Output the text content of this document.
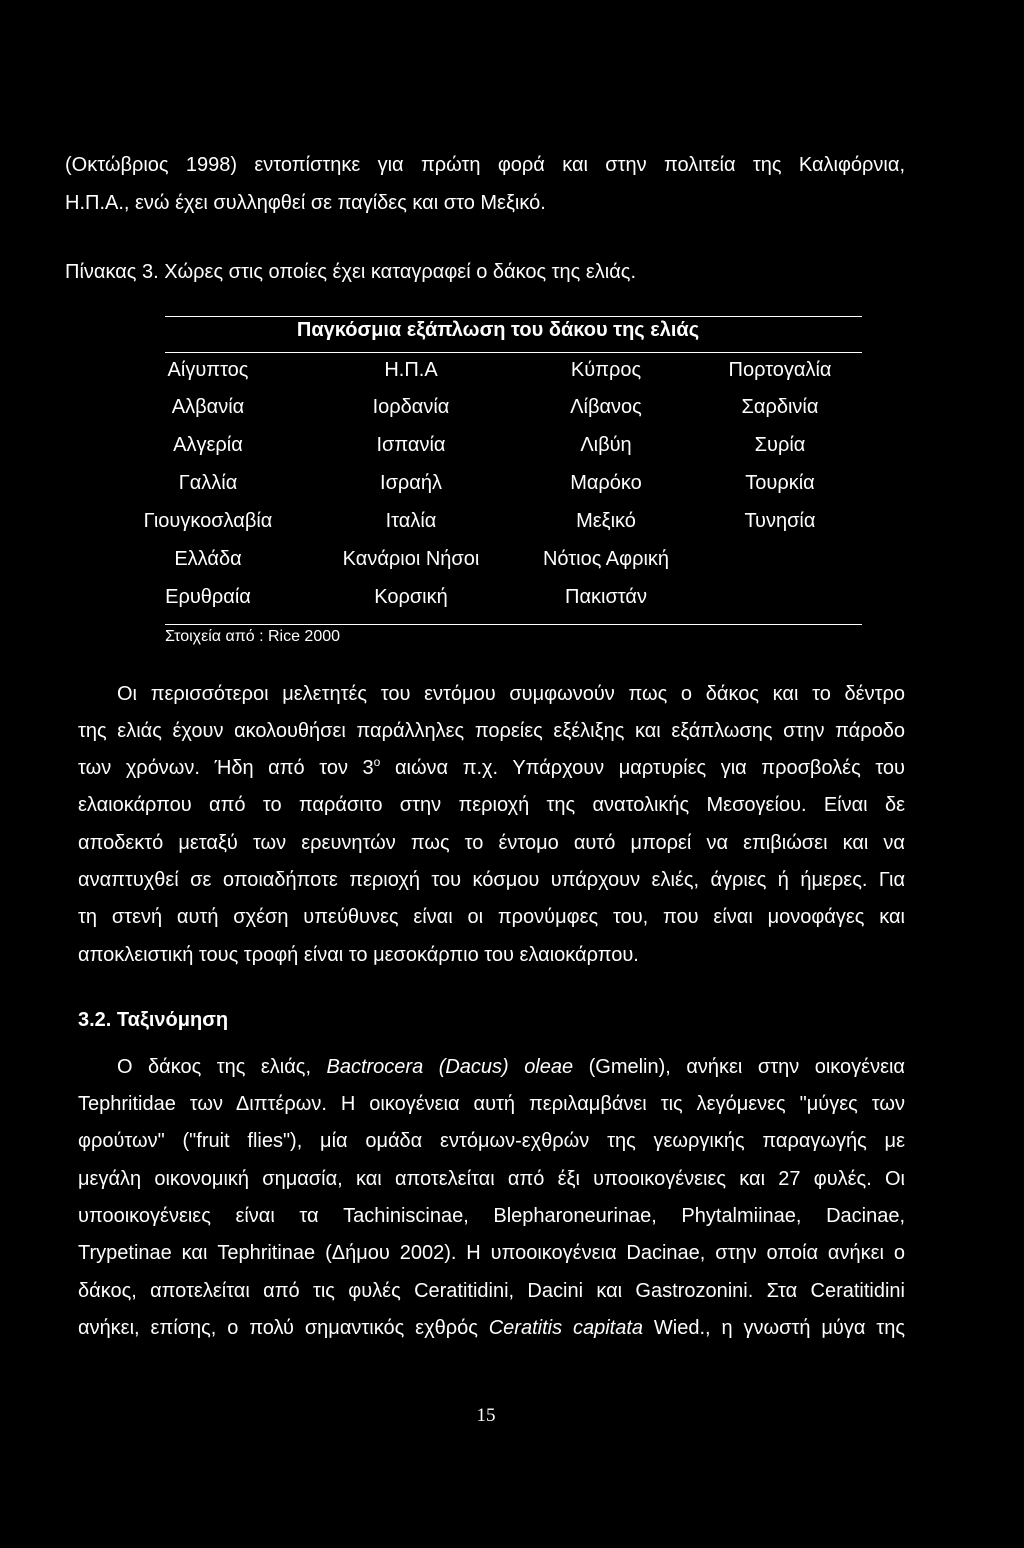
(Οκτώβριος 1998) εντοπίστηκε για πρώτη φορά και στην πολιτεία της Καλιφόρνια,
Η.Π.Α., ενώ έχει συλληφθεί σε παγίδες και στο Μεξικό.
Πίνακας 3. Χώρες στις οποίες έχει καταγραφεί ο δάκος της ελιάς.
Παγκόσμια εξάπλωση του δάκου της ελιάς
Αίγυπτος	Η.Π.Α	Κύπρος	Πορτογαλία
Αλβανία	Ιορδανία	Λίβανος	Σαρδινία
Αλγερία	Ισπανία	Λιβύη	Συρία
Γαλλία	Ισραήλ	Μαρόκο	Τουρκία
Γιουγκοσλαβία	Ιταλία	Μεξικό	Τυνησία
Ελλάδα	Κανάριοι Νήσοι	Νότιος Αφρική
Ερυθραία	Κορσική	Πακιστάν
Στοιχεία από : Rice 2000
Οι περισσότεροι μελετητές του εντόμου συμφωνούν πως ο δάκος και το δέντρο
της ελιάς έχουν ακολουθήσει παράλληλες πορείες εξέλιξης και εξάπλωσης στην πάροδο
των χρόνων. Ήδη από τον $3^o$ αιώνα π.χ. Υπάρχουν μαρτυρίες για προσβολές του
ελαιοκάρπου από το παράσιτο στην περιοχή της ανατολικής Μεσογείου. Είναι δε
αποδεκτό μεταξύ των ερευνητών πως το έντομο αυτό μπορεί να επιβιώσει και να
αναπτυχθεί σε οποιαδήποτε περιοχή του κόσμου υπάρχουν ελιές, άγριες ή ήμερες. Για
τη στενή αυτή σχέση υπεύθυνες είναι οι προνύμφες του, που είναι μονοφάγες και
αποκλειστική τους τροφή είναι το μεσοκάρπιο του ελαιοκάρπου.
3.2. Ταξινόμηση
Ο δάκος της ελιάς, Bactrocera (Dacus) oleae (Gmelin), ανήκει στην οικογένεια
Tephritidae των Διπτέρων. Η οικογένεια αυτή περιλαμβάνει τις λεγόμενες "μύγες των
φρούτων" ("fruit flies"), μία ομάδα εντόμων-εχθρών της γεωργικής παραγωγής με
μεγάλη οικονομική σημασία, και αποτελείται από έξι υποοικογένειες και 27 φυλές. Οι
υποοικογένειες είναι τα Tachiniscinae, Blepharoneurinae, Phytalmiinae, Dacinae,
Trypetinae και Tephritinae (Δήμου 2002). Η υποοικογένεια Dacinae, στην οποία ανήκει ο
δάκος, αποτελείται από τις φυλές Ceratitidini, Dacini και Gastrozonini. Στα Ceratitidini
ανήκει, επίσης, ο πολύ σημαντικός εχθρός Ceratitis capitata Wied., η γνωστή μύγα της
15
